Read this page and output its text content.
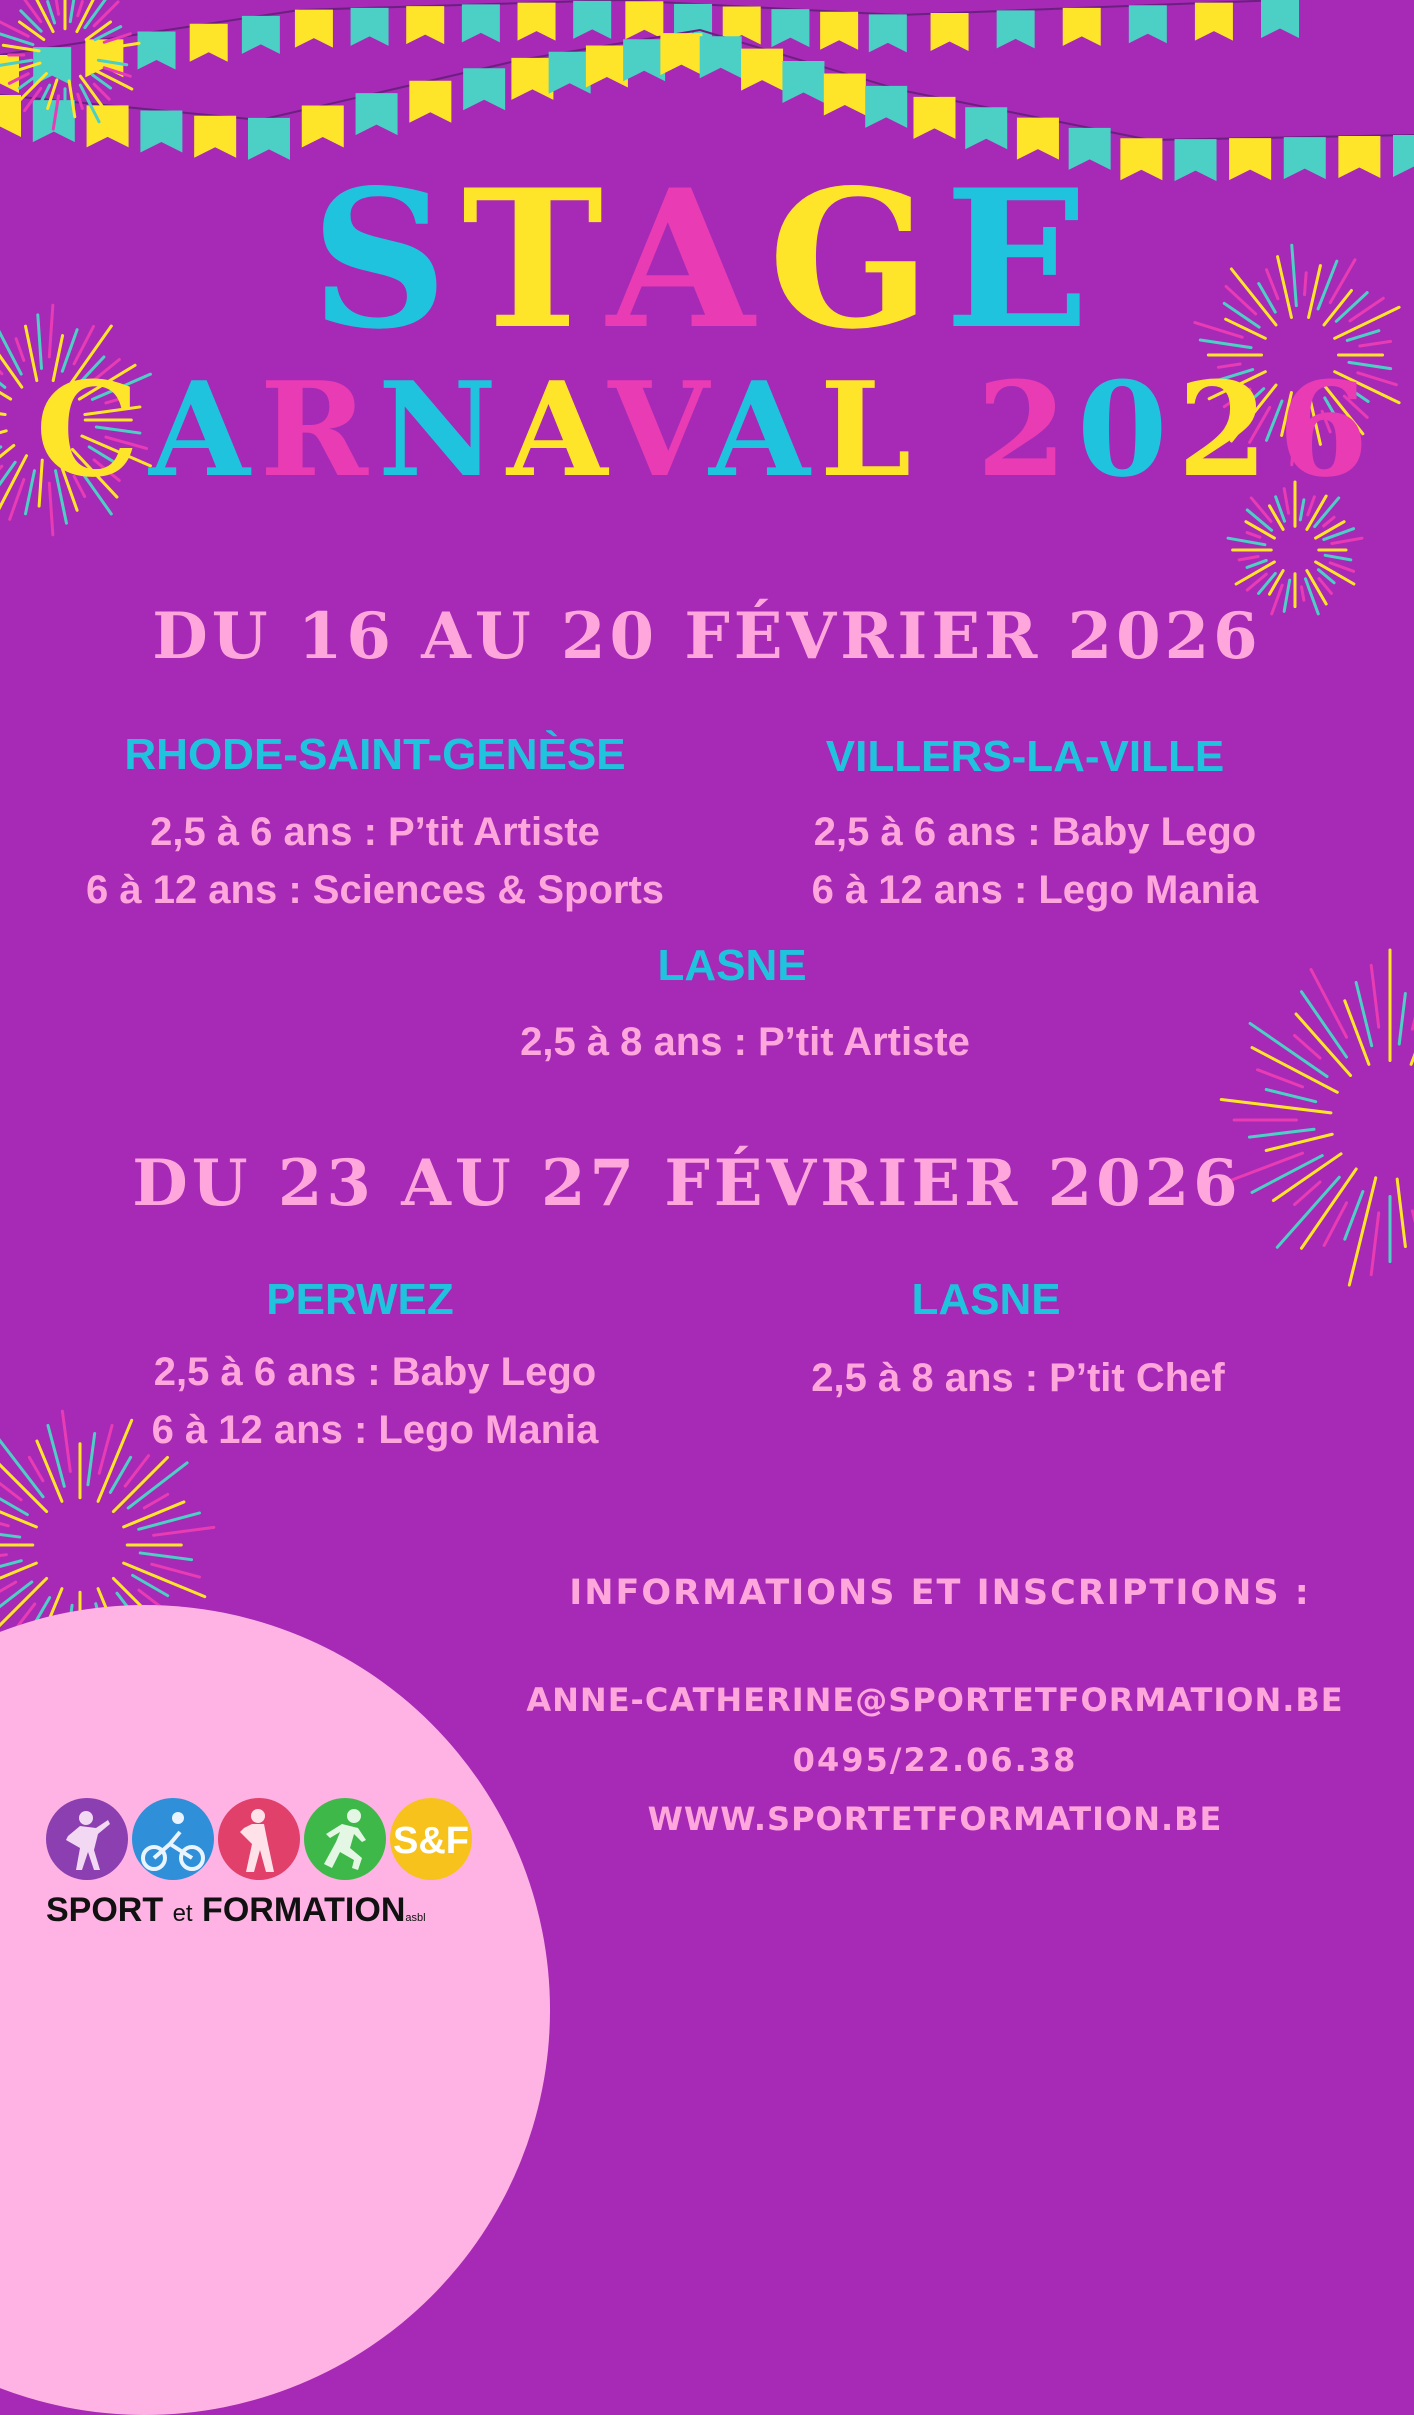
STAGE
CARNAVAL 2026
DU 16 AU 20 FÉVRIER 2026
RHODE-SAINT-GENÈSE
2,5 à 6 ans : P’tit Artiste
6 à 12 ans : Sciences & Sports
VILLERS-LA-VILLE
2,5 à 6 ans : Baby Lego
6 à 12 ans : Lego Mania
LASNE
2,5 à 8 ans : P’tit Artiste
DU 23 AU 27 FÉVRIER 2026
PERWEZ
2,5 à 6 ans : Baby Lego
6 à 12 ans : Lego Mania
LASNE
2,5 à 8 ans : P’tit Chef
INFORMATIONS ET INSCRIPTIONS :
ANNE-CATHERINE@SPORTETFORMATION.BE
0495/22.06.38
WWW.SPORTETFORMATION.BE
S&F
SPORT et FORMATIONasbl
